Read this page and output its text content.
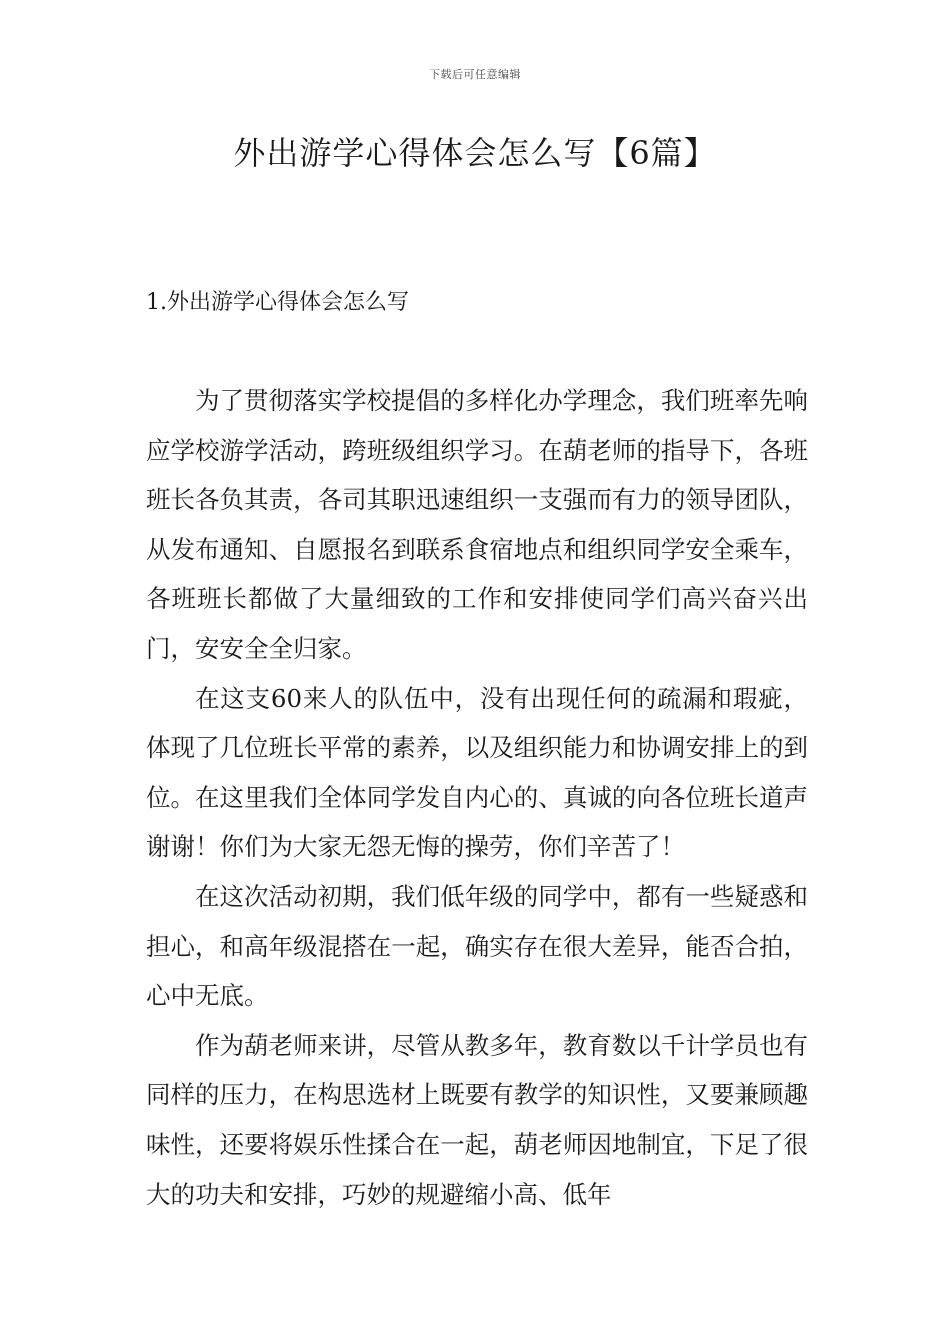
下载后可任意编辑
外出游学心得体会怎么写【6篇】
1.外出游学心得体会怎么写

为了贯彻落实学校提倡的多样化办学理念，我们班率先响应学校游学活动，跨班级组织学习。在葫老师的指导下，各班班长各负其责，各司其职迅速组织一支强而有力的领导团队，从发布通知、自愿报名到联系食宿地点和组织同学安全乘车，各班班长都做了大量细致的工作和安排使同学们高兴奋兴出门，安安全全归家。

在这支60来人的队伍中，没有出现任何的疏漏和瑕疵，体现了几位班长平常的素养，以及组织能力和协调安排上的到位。在这里我们全体同学发自内心的、真诚的向各位班长道声谢谢！你们为大家无怨无悔的操劳，你们辛苦了！

在这次活动初期，我们低年级的同学中，都有一些疑惑和担心，和高年级混搭在一起，确实存在很大差异，能否合拍，心中无底。

作为葫老师来讲，尽管从教多年，教育数以千计学员也有同样的压力，在构思选材上既要有教学的知识性，又要兼顾趣味性，还要将娱乐性揉合在一起，葫老师因地制宜，下足了很大的功夫和安排，巧妙的规避缩小高、低年
